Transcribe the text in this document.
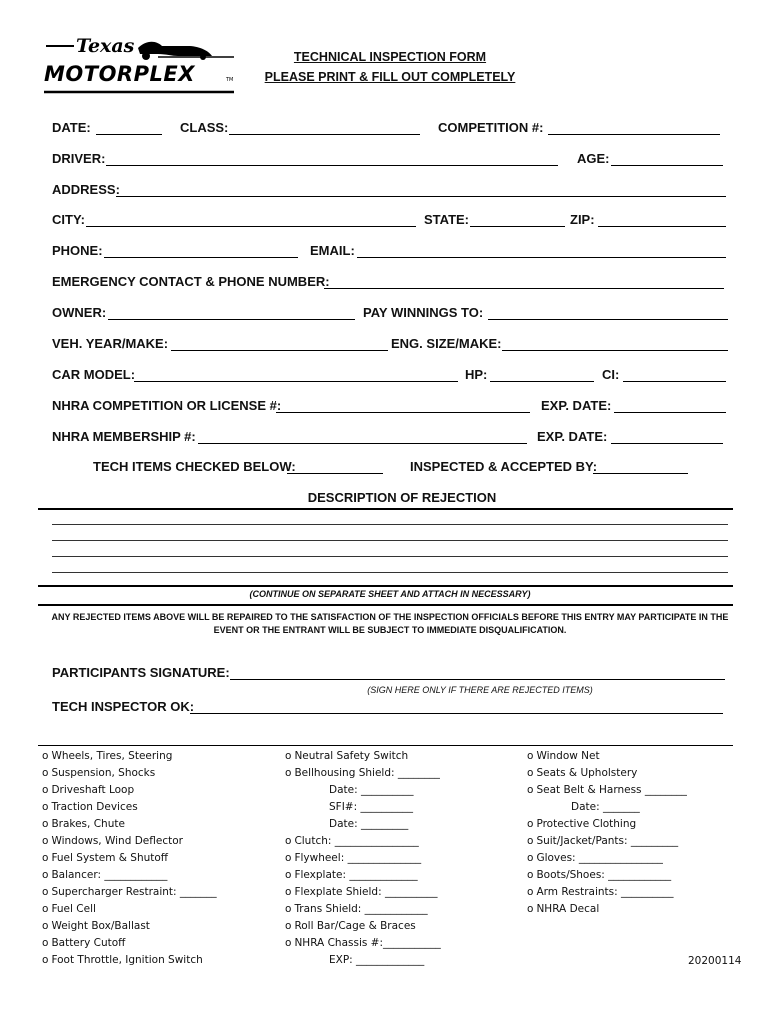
Texas
MOTORPLEX	TM
TECHNICAL INSPECTION FORM
PLEASE PRINT & FILL OUT COMPLETELY
DATE:	CLASS:	COMPETITION #:
DRIVER:	AGE:
ADDRESS:
CITY:	STATE:	ZIP:
PHONE:	EMAIL:
EMERGENCY CONTACT & PHONE NUMBER:
OWNER:	PAY WINNINGS TO:
VEH. YEAR/MAKE:	ENG. SIZE/MAKE:
CAR MODEL:	HP:	CI:
NHRA COMPETITION OR LICENSE #:	EXP. DATE:
NHRA MEMBERSHIP #:	EXP. DATE:
TECH ITEMS CHECKED BELOW:	INSPECTED & ACCEPTED BY:
DESCRIPTION OF REJECTION
(CONTINUE ON SEPARATE SHEET AND ATTACH IN NECESSARY)
ANY REJECTED ITEMS ABOVE WILL BE REPAIRED TO THE SATISFACTION OF THE INSPECTION OFFICIALS BEFORE THIS ENTRY MAY PARTICIPATE IN THE EVENT OR THE ENTRANT WILL BE SUBJECT TO IMMEDIATE DISQUALIFICATION.
PARTICIPANTS SIGNATURE:
(SIGN HERE ONLY IF THERE ARE REJECTED ITEMS)
TECH INSPECTOR OK:
o Wheels, Tires, Steering
o Suspension, Shocks
o Driveshaft Loop
o Traction Devices
o Brakes, Chute
o Windows, Wind Deflector
o Fuel System & Shutoff
o Balancer: ____________
o Supercharger Restraint: _______
o Fuel Cell
o Weight Box/Ballast
o Battery Cutoff
o Foot Throttle, Ignition Switch
o Neutral Safety Switch
o Bellhousing Shield: ________
Date: __________
SFI#: __________
Date: _________
o Clutch: ________________
o Flywheel: ______________
o Flexplate: _____________
o Flexplate Shield: __________
o Trans Shield: ____________
o Roll Bar/Cage & Braces
o NHRA Chassis #:___________
EXP: _____________
o Window Net
o Seats & Upholstery
o Seat Belt & Harness ________
Date: _______
o Protective Clothing
o Suit/Jacket/Pants: _________
o Gloves: ________________
o Boots/Shoes: ____________
o Arm Restraints: __________
o NHRA Decal
20200114
